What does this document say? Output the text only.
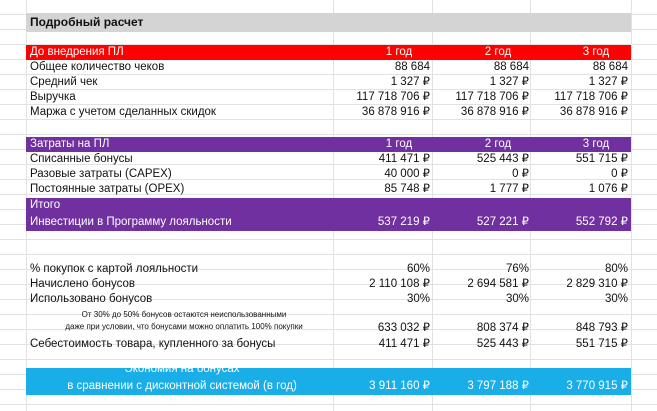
Подробный расчет
До внедрения ПЛ	1 год	2 год	3 год
Общее количество чеков	88 684	88 684	88 684
Средний чек	1 327 ₽	1 327 ₽	1 327 ₽
Выручка	117 718 706 ₽ 117 718 706 ₽ 117 718 706 ₽
Маржа с учетом сделанных скидок	36 878 916 ₽	36 878 916 ₽	36 878 916 ₽
Затраты на ПЛ	1 год	2 год	3 год
Списанные бонусы	411 471 ₽	525 443 ₽	551 715 ₽
Разовые затраты (CAPEX)	40 000 ₽	0 ₽	0 ₽
Постоянные затраты (OPEX)	85 748 ₽	1 777 ₽	1 076 ₽
Итого
Инвестиции в Программу лояльности	537 219 ₽	527 221 ₽	552 792 ₽
% покупок с картой лояльности	60%	76%	80%
Начислено бонусов	2 110 108 ₽	2 694 581 ₽	2 829 310 ₽
Использовано бонусов	30%	30%	30%
От 30% до 50% бонусов остаются неиспользованными
даже при условии, что бонусами можно оплатить 100% покупки	633 032 ₽	808 374 ₽	848 793 ₽
Себестоимость товара, купленного за бонусы	411 471 ₽	525 443 ₽	551 715 ₽
Экономия на бонусах
в сравнении с дисконтной системой (в год)	3 911 160 ₽	3 797 188 ₽	3 770 915 ₽
